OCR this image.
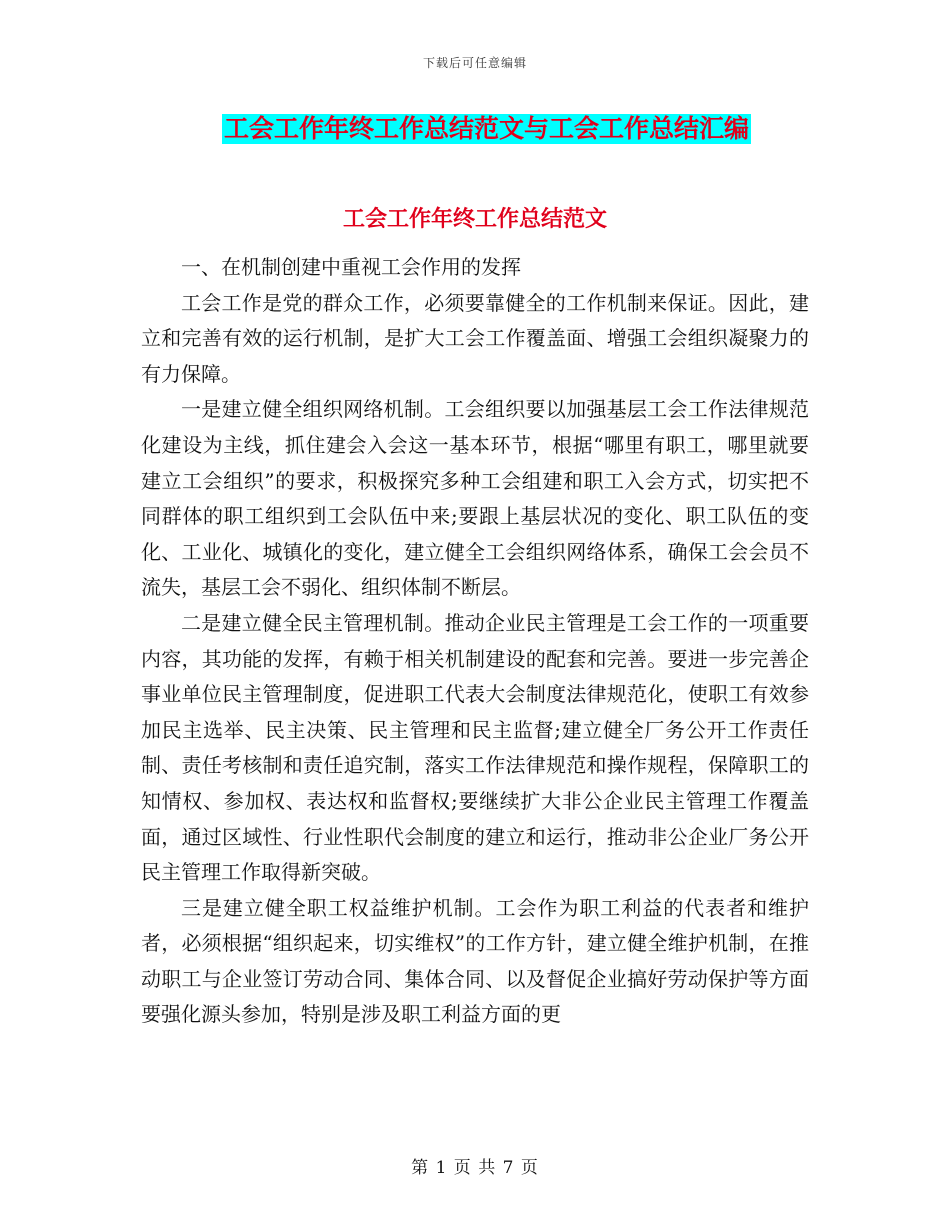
下载后可任意编辑
工会工作年终工作总结范文与工会工作总结汇编
工会工作年终工作总结范文

一、在机制创建中重视工会作用的发挥

工会工作是党的群众工作，必须要靠健全的工作机制来保证。因此，建立和完善有效的运行机制，是扩大工会工作覆盖面、增强工会组织凝聚力的有力保障。

一是建立健全组织网络机制。工会组织要以加强基层工会工作法律规范化建设为主线，抓住建会入会这一基本环节，根据“哪里有职工，哪里就要建立工会组织”的要求，积极探究多种工会组建和职工入会方式，切实把不同群体的职工组织到工会队伍中来;要跟上基层状况的变化、职工队伍的变化、工业化、城镇化的变化，建立健全工会组织网络体系，确保工会会员不流失，基层工会不弱化、组织体制不断层。

二是建立健全民主管理机制。推动企业民主管理是工会工作的一项重要内容，其功能的发挥，有赖于相关机制建设的配套和完善。要进一步完善企事业单位民主管理制度，促进职工代表大会制度法律规范化，使职工有效参加民主选举、民主决策、民主管理和民主监督;建立健全厂务公开工作责任制、责任考核制和责任追究制，落实工作法律规范和操作规程，保障职工的知情权、参加权、表达权和监督权;要继续扩大非公企业民主管理工作覆盖面，通过区域性、行业性职代会制度的建立和运行，推动非公企业厂务公开民主管理工作取得新突破。

三是建立健全职工权益维护机制。工会作为职工利益的代表者和维护者，必须根据“组织起来，切实维权”的工作方针，建立健全维护机制，在推动职工与企业签订劳动合同、集体合同、以及督促企业搞好劳动保护等方面要强化源头参加，特别是涉及职工利益方面的更

第 1 页 共 7 页
